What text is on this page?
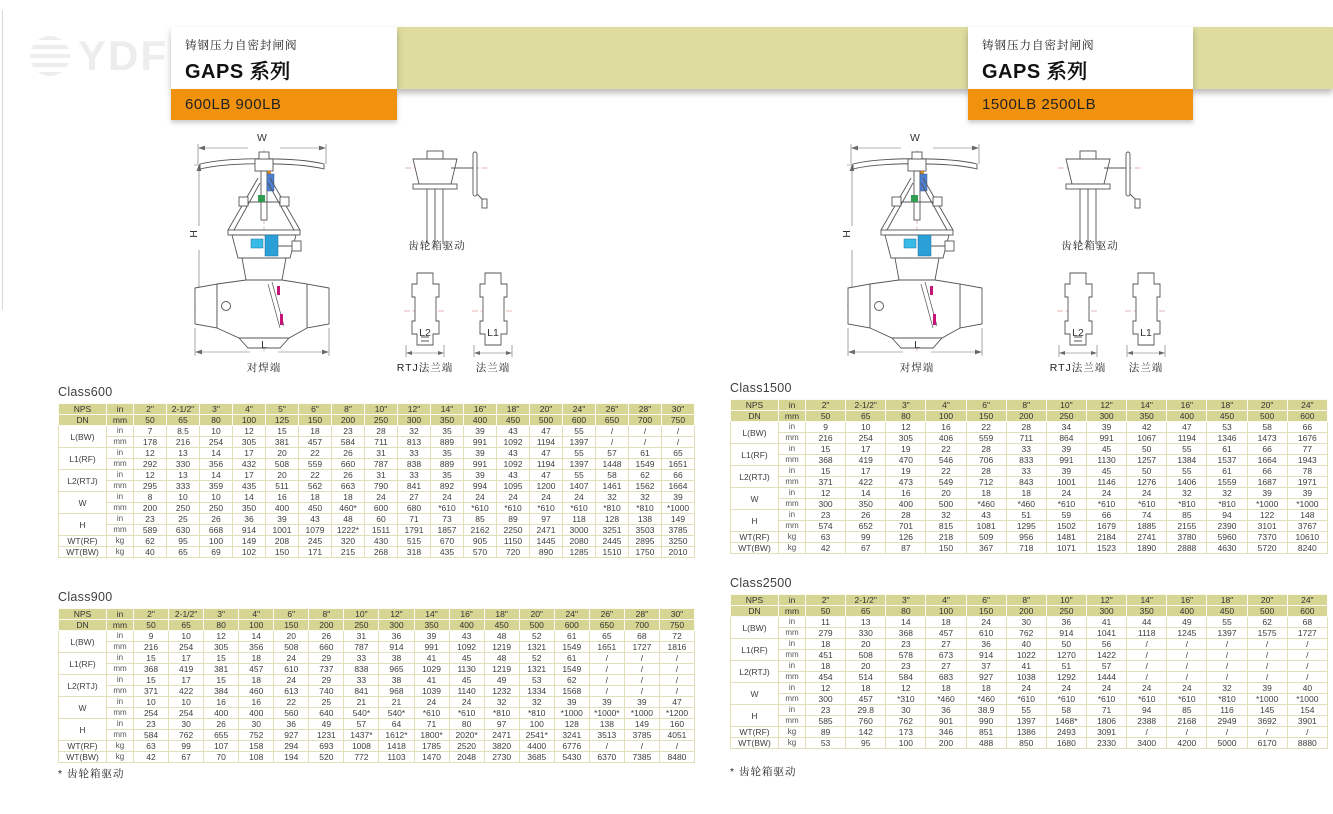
YDF 铸钢压力自密封闸阀
GAPS 系列
600LB 900LB
铸钢压力自密封闸阀
GAPS 系列
1500LB 2500LB
W
H
L
对焊端
齿轮箱驱动
L2	L1
RTJ法兰端	法兰端
W
H
L
对焊端
齿轮箱驱动
L2	L1
RTJ法兰端	法兰端
Class600
NPS	in	2"	2-1/2"	3"	4"	5"	6"	8"	10"	12"	14"	16"	18"	20"	24"	26"	28"	30"
DN	mm	50	65	80	100	125	150	200	250	300	350	400	450	500	600	650	700	750
L(BW)	in	7	8.5	10	12	15	18	23	28	32	35	39	43	47	55	/	/	/
	mm	178	216	254	305	381	457	584	711	813	889	991	1092	1194	1397	/	/	/
L1(RF)	in	12	13	14	17	20	22	26	31	33	35	39	43	47	55	57	61	65
	mm	292	330	356	432	508	559	660	787	838	889	991	1092	1194	1397	1448	1549	1651
L2(RTJ)	in	12	13	14	17	20	22	26	31	33	35	39	43	47	55	58	62	66
	mm	295	333	359	435	511	562	663	790	841	892	994	1095	1200	1407	1461	1562	1664
W	in	8	10	10	14	16	18	18	24	27	24	24	24	24	24	32	32	39
	mm	200	250	250	350	400	450	460*	600	680	*610	*610	*610	*610	*610	*810	*810	*1000
H	in	23	25	26	36	39	43	48	60	71	73	85	89	97	118	128	138	149
	mm	589	630	668	914	1001	1079	1222*	1511	1791	1857	2162	2250	2471	3000	3251	3503	3785
WT(RF)	kg	62	95	100	149	208	245	320	430	515	670	905	1150	1445	2080	2445	2895	3250
WT(BW)	kg	40	65	69	102	150	171	215	268	318	435	570	720	890	1285	1510	1750	2010
Class900
NPS	in	2"	2-1/2"	3"	4"	6"	8"	10"	12"	14"	16"	18"	20"	24"	26"	28"	30"
DN	mm	50	65	80	100	150	200	250	300	350	400	450	500	600	650	700	750
L(BW)	in	9	10	12	14	20	26	31	36	39	43	48	52	61	65	68	72
	mm	216	254	305	356	508	660	787	914	991	1092	1219	1321	1549	1651	1727	1816
L1(RF)	in	15	17	15	18	24	29	33	38	41	45	48	52	61	/	/	/
	mm	368	419	381	457	610	737	838	965	1029	1130	1219	1321	1549	/	/	/
L2(RTJ)	in	15	17	15	18	24	29	33	38	41	45	49	53	62	/	/	/
	mm	371	422	384	460	613	740	841	968	1039	1140	1232	1334	1568	/	/	/
W	in	10	10	16	16	22	25	21	21	24	24	32	32	39	39	39	47
	mm	254	254	400	400	560	640	540*	540*	*610	*610	*810	*810	*1000	*1000*	*1000	*1200
H	in	23	30	26	30	36	49	57	64	71	80	97	100	128	138	149	160
	mm	584	762	655	752	927	1231	1437*	1612*	1800*	2020*	2471	2541*	3241	3513	3785	4051
WT(RF)	kg	63	99	107	158	294	693	1008	1418	1785	2520	3820	4400	6776	/	/	/
WT(BW)	kg	42	67	70	108	194	520	772	1103	1470	2048	2730	3685	5430	6370	7385	8480
Class1500
NPS	in	2"	2-1/2"	3"	4"	6"	8"	10"	12"	14"	16"	18"	20"	24"
DN	mm	50	65	80	100	150	200	250	300	350	400	450	500	600
L(BW)	in	9	10	12	16	22	28	34	39	42	47	53	58	66
	mm	216	254	305	406	559	711	864	991	1067	1194	1346	1473	1676
L1(RF)	in	15	17	19	22	28	33	39	45	50	55	61	66	77
	mm	368	419	470	546	706	833	991	1130	1257	1384	1537	1664	1943
L2(RTJ)	in	15	17	19	22	28	33	39	45	50	55	61	66	78
	mm	371	422	473	549	712	843	1001	1146	1276	1406	1559	1687	1971
W	in	12	14	16	20	18	18	24	24	24	32	32	39	39
	mm	300	350	400	500	*460	*460	*610	*610	*610	*810	*810	*1000	*1000
H	in	23	26	28	32	43	51	59	66	74	85	94	122	148
	mm	574	652	701	815	1081	1295	1502	1679	1885	2155	2390	3101	3767
WT(RF)	kg	63	99	126	218	509	956	1481	2184	2741	3780	5960	7370	10610
WT(BW)	kg	42	67	87	150	367	718	1071	1523	1890	2888	4630	5720	8240
Class2500
NPS	in	2"	2-1/2"	3"	4"	6"	8"	10"	12"	14"	16"	18"	20"	24"
DN	mm	50	65	80	100	150	200	250	300	350	400	450	500	600
L(BW)	in	11	13	14	18	24	30	36	41	44	49	55	62	68
	mm	279	330	368	457	610	762	914	1041	1118	1245	1397	1575	1727
L1(RF)	in	18	20	23	27	36	40	50	56	/	/	/	/	/
	mm	451	508	578	673	914	1022	1270	1422	/	/	/	/	/
L2(RTJ)	in	18	20	23	27	37	41	51	57	/	/	/	/	/
	mm	454	514	584	683	927	1038	1292	1444	/	/	/	/	/
W	in	12	18	12	18	18	24	24	24	24	24	32	39	40
	mm	300	457	*310	*460	*460	*610	*610	*610	*610	*610	*810	*1000	*1000
H	in	23	29.8	30	36	38.9	55	58	71	94	85	116	145	154
	mm	585	760	762	901	990	1397	1468*	1806	2388	2168	2949	3692	3901
WT(RF)	kg	89	142	173	346	851	1386	2493	3091	/	/	/	/	/
WT(BW)	kg	53	95	100	200	488	850	1680	2330	3400	4200	5000	6170	8880
* 齿轮箱驱动	* 齿轮箱驱动
